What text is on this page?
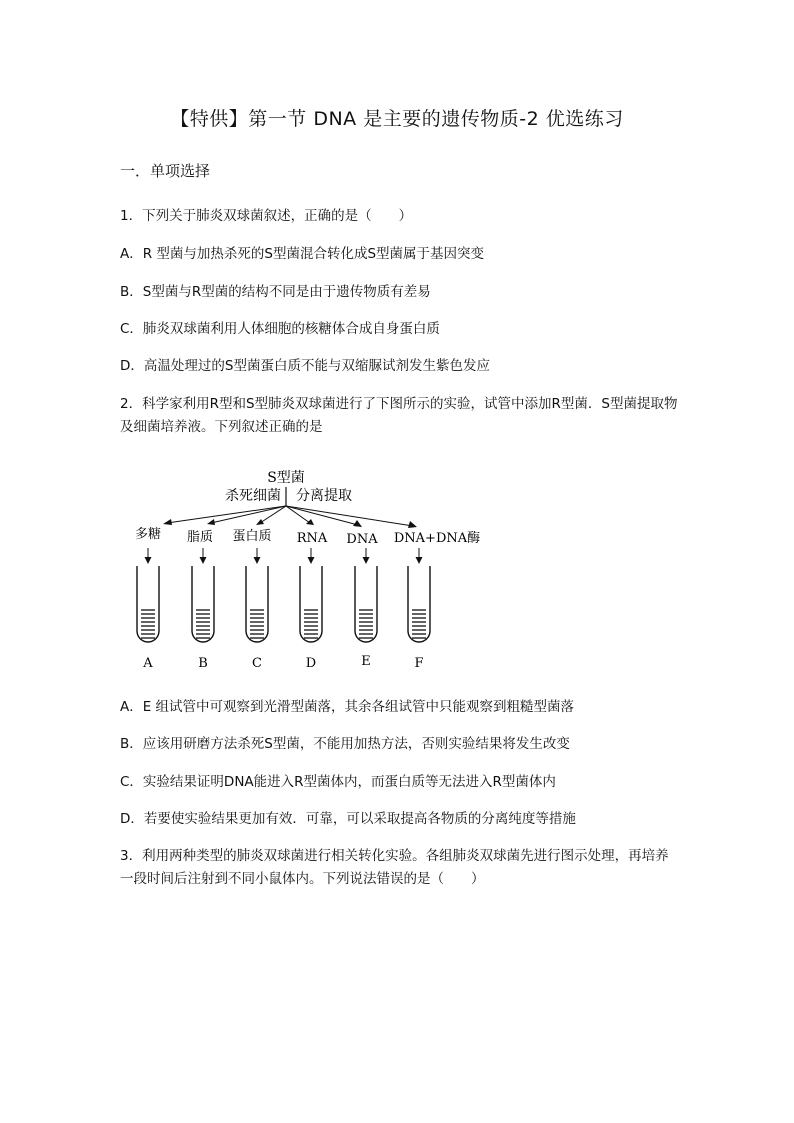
【特供】第一节 DNA 是主要的遗传物质-2 优选练习
一．单项选择
1．下列关于肺炎双球菌叙述，正确的是（　　）
A．R 型菌与加热杀死的S型菌混合转化成S型菌属于基因突变
B．S型菌与R型菌的结构不同是由于遗传物质有差易
C．肺炎双球菌利用人体细胞的核糖体合成自身蛋白质
D．高温处理过的S型菌蛋白质不能与双缩脲试剂发生紫色发应
2．科学家利用R型和S型肺炎双球菌进行了下图所示的实验，试管中添加R型菌．S型菌提取物及细菌培养液。下列叙述正确的是
S型菌
杀死细菌 分离提取
多糖 脂质 蛋白质 RNA DNA DNA+DNA酶
A	B	C	D	E	F
A．E 组试管中可观察到光滑型菌落，其余各组试管中只能观察到粗糙型菌落
B．应该用研磨方法杀死S型菌，不能用加热方法，否则实验结果将发生改变
C．实验结果证明DNA能进入R型菌体内，而蛋白质等无法进入R型菌体内
D．若要使实验结果更加有效．可靠，可以采取提高各物质的分离纯度等措施
3．利用两种类型的肺炎双球菌进行相关转化实验。各组肺炎双球菌先进行图示处理，再培养一段时间后注射到不同小鼠体内。下列说法错误的是（　　）
